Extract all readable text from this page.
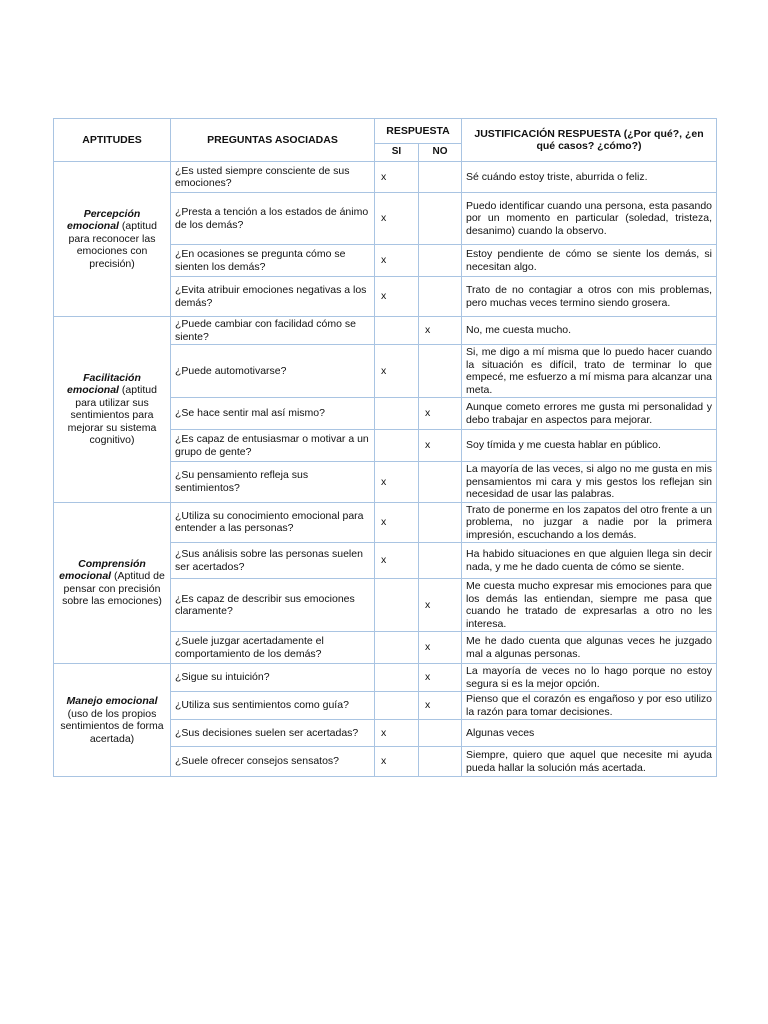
APTITUDES	PREGUNTAS ASOCIADAS	RESPUESTA		JUSTIFICACIÓN RESPUESTA (¿Por qué?, ¿en qué casos? ¿cómo?)
		SI	NO	
Percepción emocional (aptitud para reconocer las emociones con precisión)	¿Es usted siempre consciente de sus emociones?	x		Sé cuándo estoy triste, aburrida o feliz.
	¿Presta a tención a los estados de ánimo de los demás?	x		Puedo identificar cuando una persona, esta pasando por un momento en particular (soledad, tristeza, desanimo) cuando la observo.
	¿En ocasiones se pregunta cómo se sienten los demás?	x		Estoy pendiente de cómo se siente los demás, si necesitan algo.
	¿Evita atribuir emociones negativas a los demás?	x		Trato de no contagiar a otros con mis problemas, pero muchas veces termino siendo grosera.
Facilitación emocional (aptitud para utilizar sus sentimientos para mejorar su sistema cognitivo)	¿Puede cambiar con facilidad cómo se siente?		x	No, me cuesta mucho.
	¿Puede automotivarse?	x		Si, me digo a mí misma que lo puedo hacer cuando la situación es difícil, trato de terminar lo que empecé, me esfuerzo a mí misma para alcanzar una meta.
	¿Se hace sentir mal así mismo?		x	Aunque cometo errores me gusta mi personalidad y debo trabajar en aspectos para mejorar.
	¿Es capaz de entusiasmar o motivar a un grupo de gente?		x	Soy tímida y me cuesta hablar en público.
	¿Su pensamiento refleja sus sentimientos?	x		La mayoría de las veces, si algo no me gusta en mis pensamientos mi cara y mis gestos los reflejan sin necesidad de usar las palabras.
Comprensión emocional (Aptitud de pensar con precisión sobre las emociones)	¿Utiliza su conocimiento emocional para entender a las personas?	x		Trato de ponerme en los zapatos del otro frente a un problema, no juzgar a nadie por la primera impresión, escuchando a los demás.
	¿Sus análisis sobre las personas suelen ser acertados?	x		Ha habido situaciones en que alguien llega sin decir nada, y me he dado cuenta de cómo se siente.
	¿Es capaz de describir sus emociones claramente?		x	Me cuesta mucho expresar mis emociones para que los demás las entiendan, siempre me pasa que cuando he tratado de expresarlas a otro no les interesa.
	¿Suele juzgar acertadamente el comportamiento de los demás?		x	Me he dado cuenta que algunas veces he juzgado mal a algunas personas.
Manejo emocional (uso de los propios sentimientos de forma acertada)	¿Sigue su intuición?		x	La mayoría de veces no lo hago porque no estoy segura si es la mejor opción.
	¿Utiliza sus sentimientos como guía?		x	Pienso que el corazón es engañoso y por eso utilizo la razón para tomar decisiones.
	¿Sus decisiones suelen ser acertadas?	x		Algunas veces
	¿Suele ofrecer consejos sensatos?	x		Siempre, quiero que aquel que necesite mi ayuda pueda hallar la solución más acertada.
